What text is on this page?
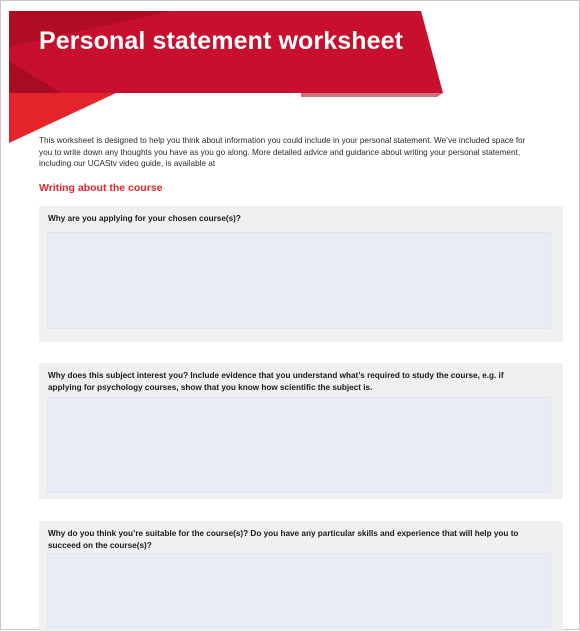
Personal statement worksheet

This worksheet is designed to help you think about information you could include in your personal statement. We’ve included space for you to write down any thoughts you have as you go along. More detailed advice and guidance about writing your personal statement, including our UCAStv video guide, is available at

Writing about the course

Why are you applying for your chosen course(s)?

Why does this subject interest you? Include evidence that you understand what’s required to study the course, e.g. if applying for psychology courses, show that you know how scientific the subject is.

Why do you think you’re suitable for the course(s)? Do you have any particular skills and experience that will help you to succeed on the course(s)?
